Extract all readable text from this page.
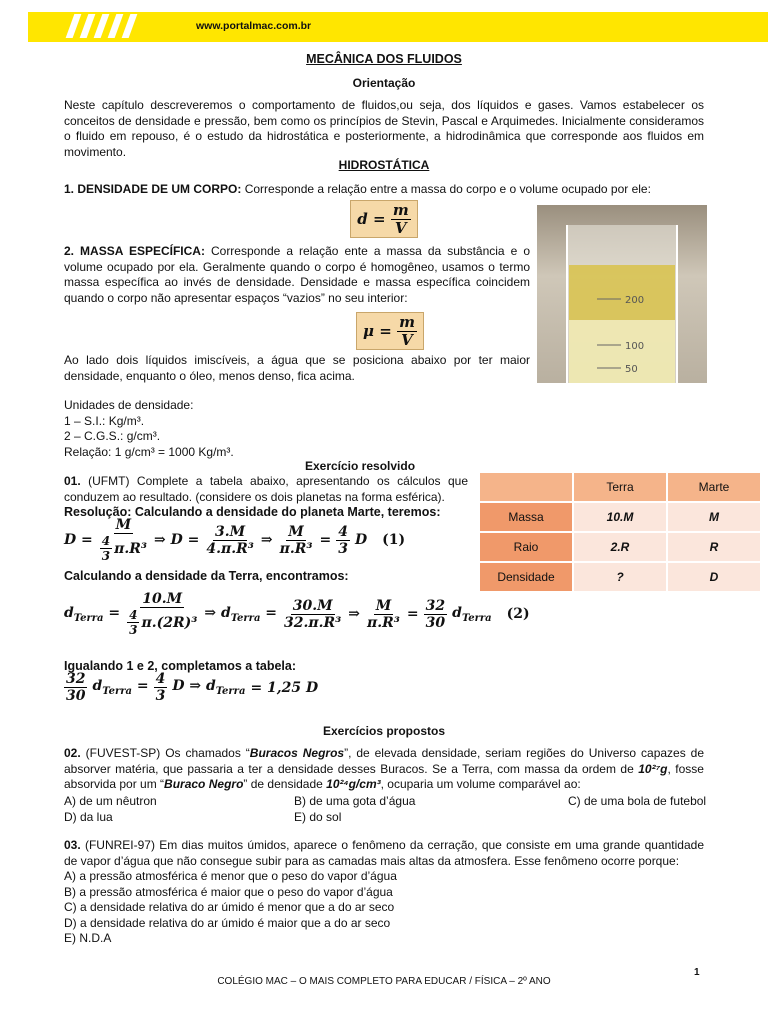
www.portalmac.com.br
MECÂNICA DOS FLUIDOS
Orientação
Neste capítulo descreveremos o comportamento de fluidos,ou seja, dos líquidos e gases. Vamos estabelecer os conceitos de densidade e pressão, bem como os princípios de Stevin, Pascal e Arquimedes. Inicialmente consideramos o fluido em repouso, é o estudo da hidrostática e posteriormente, a hidrodinâmica que corresponde aos fluidos em movimento.
HIDROSTÁTICA
1. DENSIDADE DE UM CORPO: Corresponde a relação entre a massa do corpo e o volume ocupado por ele:
d =
$\frac{m}{V}$
2. MASSA ESPECÍFICA: Corresponde a relação ente a massa da substância e o volume ocupado por ela. Geralmente quando o corpo é homogêneo, usamos o termo massa específica ao invés de densidade. Densidade e massa específica coincidem quando o corpo não apresentar espaços “vazios” no seu interior:
μ =
$\frac{m}{V}$
Ao lado dois líquidos imiscíveis, a água que se posiciona abaixo por ter maior densidade, enquanto o óleo, menos denso, fica acima.
200
100
50
Unidades de densidade:
1 – S.I.: Kg/m³.
2 – C.G.S.: g/cm³.
Relação: 1 g/cm³ = 1000 Kg/m³.
Exercício resolvido
01. (UFMT) Complete a tabela abaixo, apresentando os cálculos que conduzem ao resultado. (considere os dois planetas na forma esférica).
Resolução: Calculando a densidade do planeta Marte, teremos:
$D = \frac{M}{\frac{4}{3} \pi.R^3}$ ⇒ $D = \frac{3.M}{\text{4.π.R³}}$ ⇒ $\frac{M}{\text{π.R³}} = \frac{4}{3}$ D (1)
Calculando a densidade da Terra, encontramos:
$d_{Terra} = \frac{10.M}{\frac{4}{3} \pi.(2R)^3}$ ⇒ $d_{Terra} = \frac{30.M}{\text{32.π.R³}}$ ⇒ $\frac{M}{\text{π.R³}} = \frac{32}{30} d_{Terra}$ (2)
Igualando 1 e 2, completamos a tabela:
$\frac{32}{30} d_{Terra} = \frac{4}{3}$ D ⇒ $d_{Terra} = 1,25$ D
	Terra	Marte
Massa	10.M	M
Raio	2.R	R
Densidade	?	D
Exercícios propostos
02. (FUVEST-SP) Os chamados “Buracos Negros”, de elevada densidade, seriam regiões do Universo capazes de absorver matéria, que passaria a ter a densidade desses Buracos. Se a Terra, com massa da ordem de 10²⁷g, fosse absorvida por um “Buraco Negro” de densidade 10²⁴g/cm³, ocuparia um volume comparável ao:
A) de um nêutron	B) de uma gota d’água	C) de uma bola de futebol
D) da lua	E) do sol
03. (FUNREI-97) Em dias muitos úmidos, aparece o fenômeno da cerração, que consiste em uma grande quantidade de vapor d’água que não consegue subir para as camadas mais altas da atmosfera. Esse fenômeno ocorre porque:
A) a pressão atmosférica é menor que o peso do vapor d’água
B) a pressão atmosférica é maior que o peso do vapor d’água
C) a densidade relativa do ar úmido é menor que a do ar seco
D) a densidade relativa do ar úmido é maior que a do ar seco
E) N.D.A
1
COLÉGIO MAC – O MAIS COMPLETO PARA EDUCAR / FÍSICA – 2º ANO
